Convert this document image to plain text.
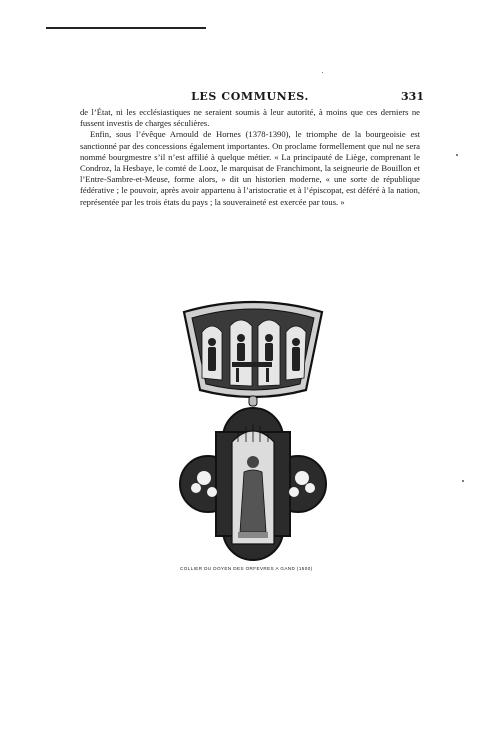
LES COMMUNES.	331

de l’État, ni les ecclésiastiques ne seraient soumis à leur autorité, à moins que ces derniers ne fussent investis de charges séculières.

Enfin, sous l’évêque Arnould de Hornes (1378-1390), le triomphe de la bourgeoisie est sanctionné par des concessions également importantes. On proclame formellement que nul ne sera nommé bourgmestre s’il n’est affilié à quelque métier. « La principauté de Liège, comprenant le Condroz, la Hesbaye, le comté de Looz, le marquisat de Franchimont, la seigneurie de Bouillon et l’Entre-Sambre-et-Meuse, forme alors, » dit un historien moderne, « une sorte de république fédérative ; le pouvoir, après avoir appartenu à l’aristocratie et à l’épiscopat, est déféré à la nation, représentée par les trois états du pays ; la souveraineté est exercée par tous. »

COLLIER DU DOYEN DES ORFEVRES A GAND (1500)
